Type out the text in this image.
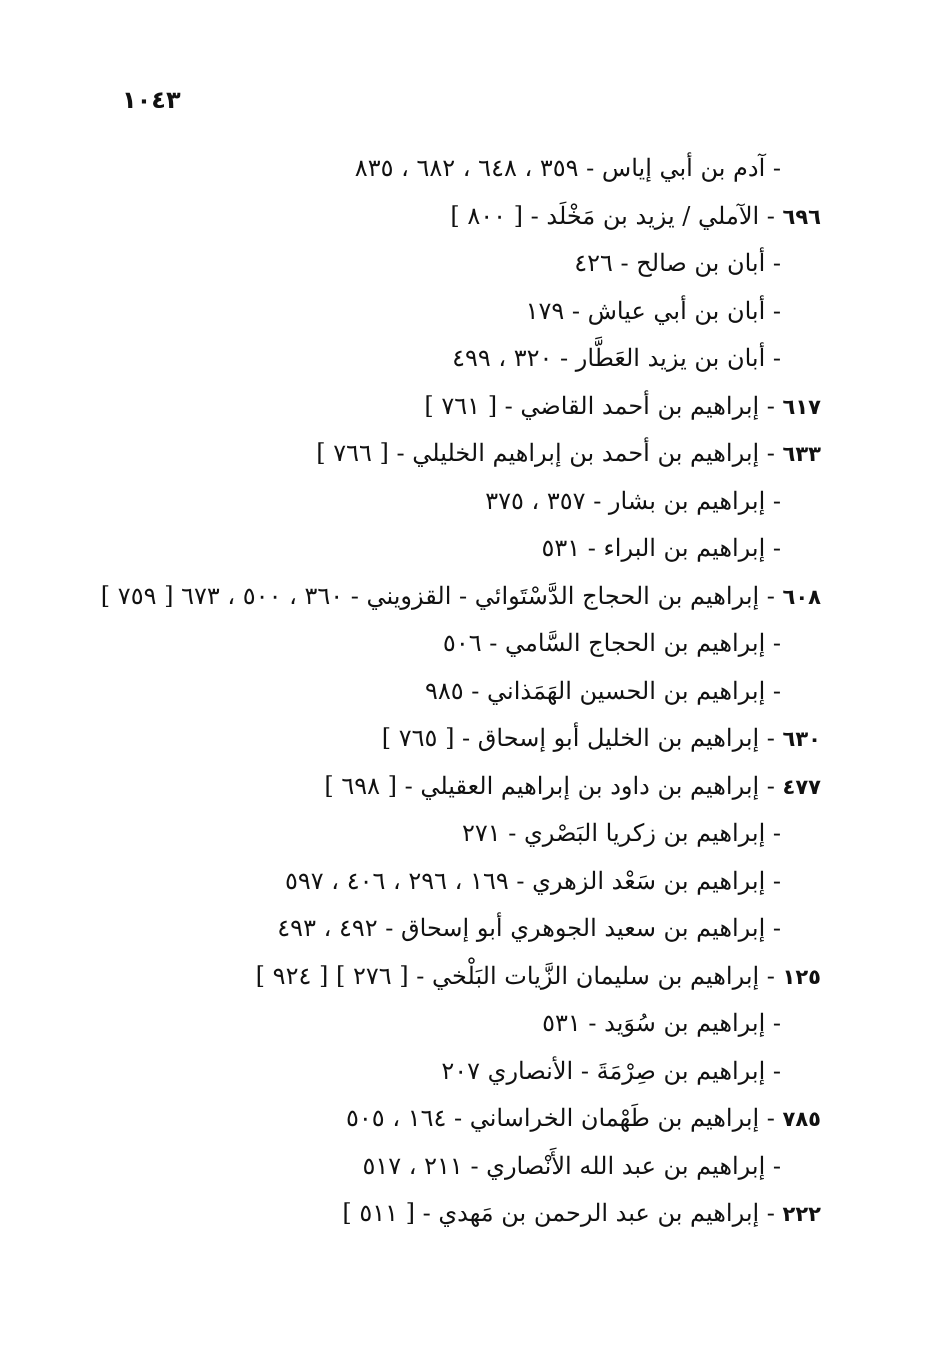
١٠٤٣
- آدم بن أبي إياس - ٣٥٩ ، ٦٤٨ ، ٦٨٢ ، ٨٣٥
٦٩٦ - الآملي / يزيد بن مَخْلَد - [ ٨٠٠ ]
- أبان بن صالح - ٤٢٦
- أبان بن أبي عياش - ١٧٩
- أبان بن يزيد العَطَّار - ٣٢٠ ، ٤٩٩
٦١٧ - إبراهيم بن أحمد القاضي - [ ٧٦١ ]
٦٣٣ - إبراهيم بن أحمد بن إبراهيم الخليلي - [ ٧٦٦ ]
- إبراهيم بن بشار - ٣٥٧ ، ٣٧٥
- إبراهيم بن البراء - ٥٣١
٦٠٨ - إبراهيم بن الحجاج الدَّسْتَوائي - القزويني - ٣٦٠ ، ٥٠٠ ، ٦٧٣ [ ٧٥٩ ]
- إبراهيم بن الحجاج السَّامي - ٥٠٦
- إبراهيم بن الحسين الهَمَذاني - ٩٨٥
٦٣٠ - إبراهيم بن الخليل أبو إسحاق - [ ٧٦٥ ]
٤٧٧ - إبراهيم بن داود بن إبراهيم العقيلي - [ ٦٩٨ ]
- إبراهيم بن زكريا البَصْري - ٢٧١
- إبراهيم بن سَعْد الزهري - ١٦٩ ، ٢٩٦ ، ٤٠٦ ، ٥٩٧
- إبراهيم بن سعيد الجوهري أبو إسحاق - ٤٩٢ ، ٤٩٣
١٢٥ - إبراهيم بن سليمان الزَّيات البَلْخي - [ ٢٧٦ ] [ ٩٢٤ ]
- إبراهيم بن سُوَيد - ٥٣١
- إبراهيم بن صِرْمَةَ - الأنصاري ٢٠٧
٧٨٥ - إبراهيم بن طَهْمان الخراساني - ١٦٤ ، ٥٠٥
- إبراهيم بن عبد الله الأَنْصاري - ٢١١ ، ٥١٧
٢٢٢ - إبراهيم بن عبد الرحمن بن مَهدي - [ ٥١١ ]
